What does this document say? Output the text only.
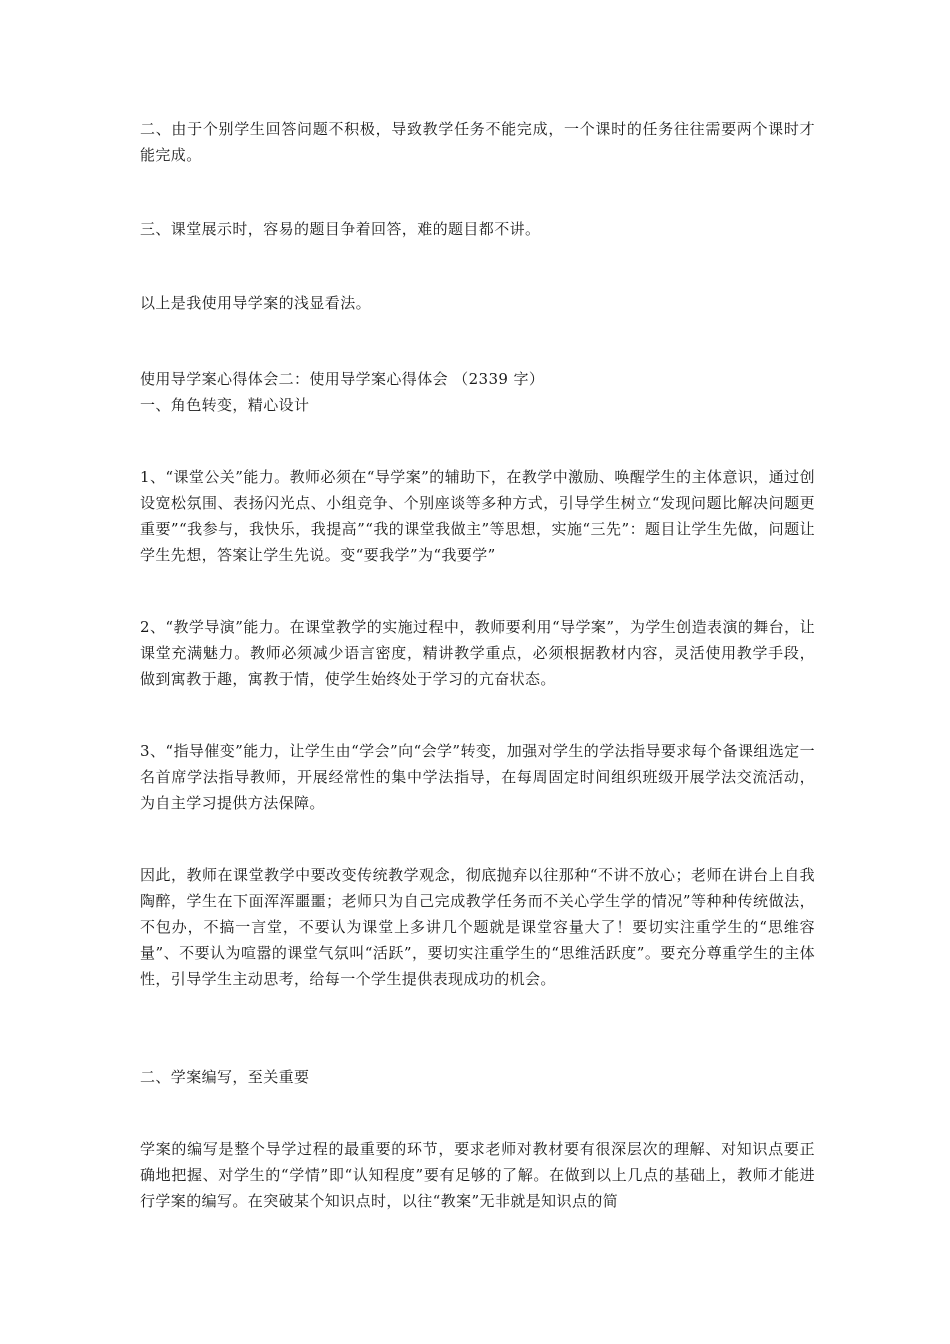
二、由于个别学生回答问题不积极，导致教学任务不能完成，一个课时的任务往往需要两个课时才能完成。

三、课堂展示时，容易的题目争着回答，难的题目都不讲。

以上是我使用导学案的浅显看法。

使用导学案心得体会二：使用导学案心得体会 （2339 字）

一、角色转变，精心设计

1、“课堂公关”能力。教师必须在“导学案”的辅助下，在教学中激励、唤醒学生的主体意识，通过创设宽松氛围、表扬闪光点、小组竞争、个别座谈等多种方式，引导学生树立“发现问题比解决问题更重要”“我参与，我快乐，我提高”“我的课堂我做主”等思想，实施“三先”：题目让学生先做，问题让学生先想，答案让学生先说。变“要我学”为“我要学”

2、“教学导演”能力。在课堂教学的实施过程中，教师要利用“导学案”，为学生创造表演的舞台，让课堂充满魅力。教师必须减少语言密度，精讲教学重点，必须根据教材内容，灵活使用教学手段，做到寓教于趣，寓教于情，使学生始终处于学习的亢奋状态。

3、“指导催变”能力，让学生由“学会”向“会学”转变，加强对学生的学法指导要求每个备课组选定一名首席学法指导教师，开展经常性的集中学法指导，在每周固定时间组织班级开展学法交流活动，为自主学习提供方法保障。

因此，教师在课堂教学中要改变传统教学观念，彻底抛弃以往那种“不讲不放心；老师在讲台上自我陶醉，学生在下面浑浑噩噩；老师只为自己完成教学任务而不关心学生学的情况”等种种传统做法，不包办，不搞一言堂，不要认为课堂上多讲几个题就是课堂容量大了！要切实注重学生的“思维容量”、不要认为喧嚣的课堂气氛叫“活跃”，要切实注重学生的“思维活跃度”。要充分尊重学生的主体性，引导学生主动思考，给每一个学生提供表现成功的机会。

二、学案编写，至关重要

学案的编写是整个导学过程的最重要的环节，要求老师对教材要有很深层次的理解、对知识点要正确地把握、对学生的“学情”即“认知程度”要有足够的了解。在做到以上几点的基础上，教师才能进行学案的编写。在突破某个知识点时，以往“教案”无非就是知识点的简
